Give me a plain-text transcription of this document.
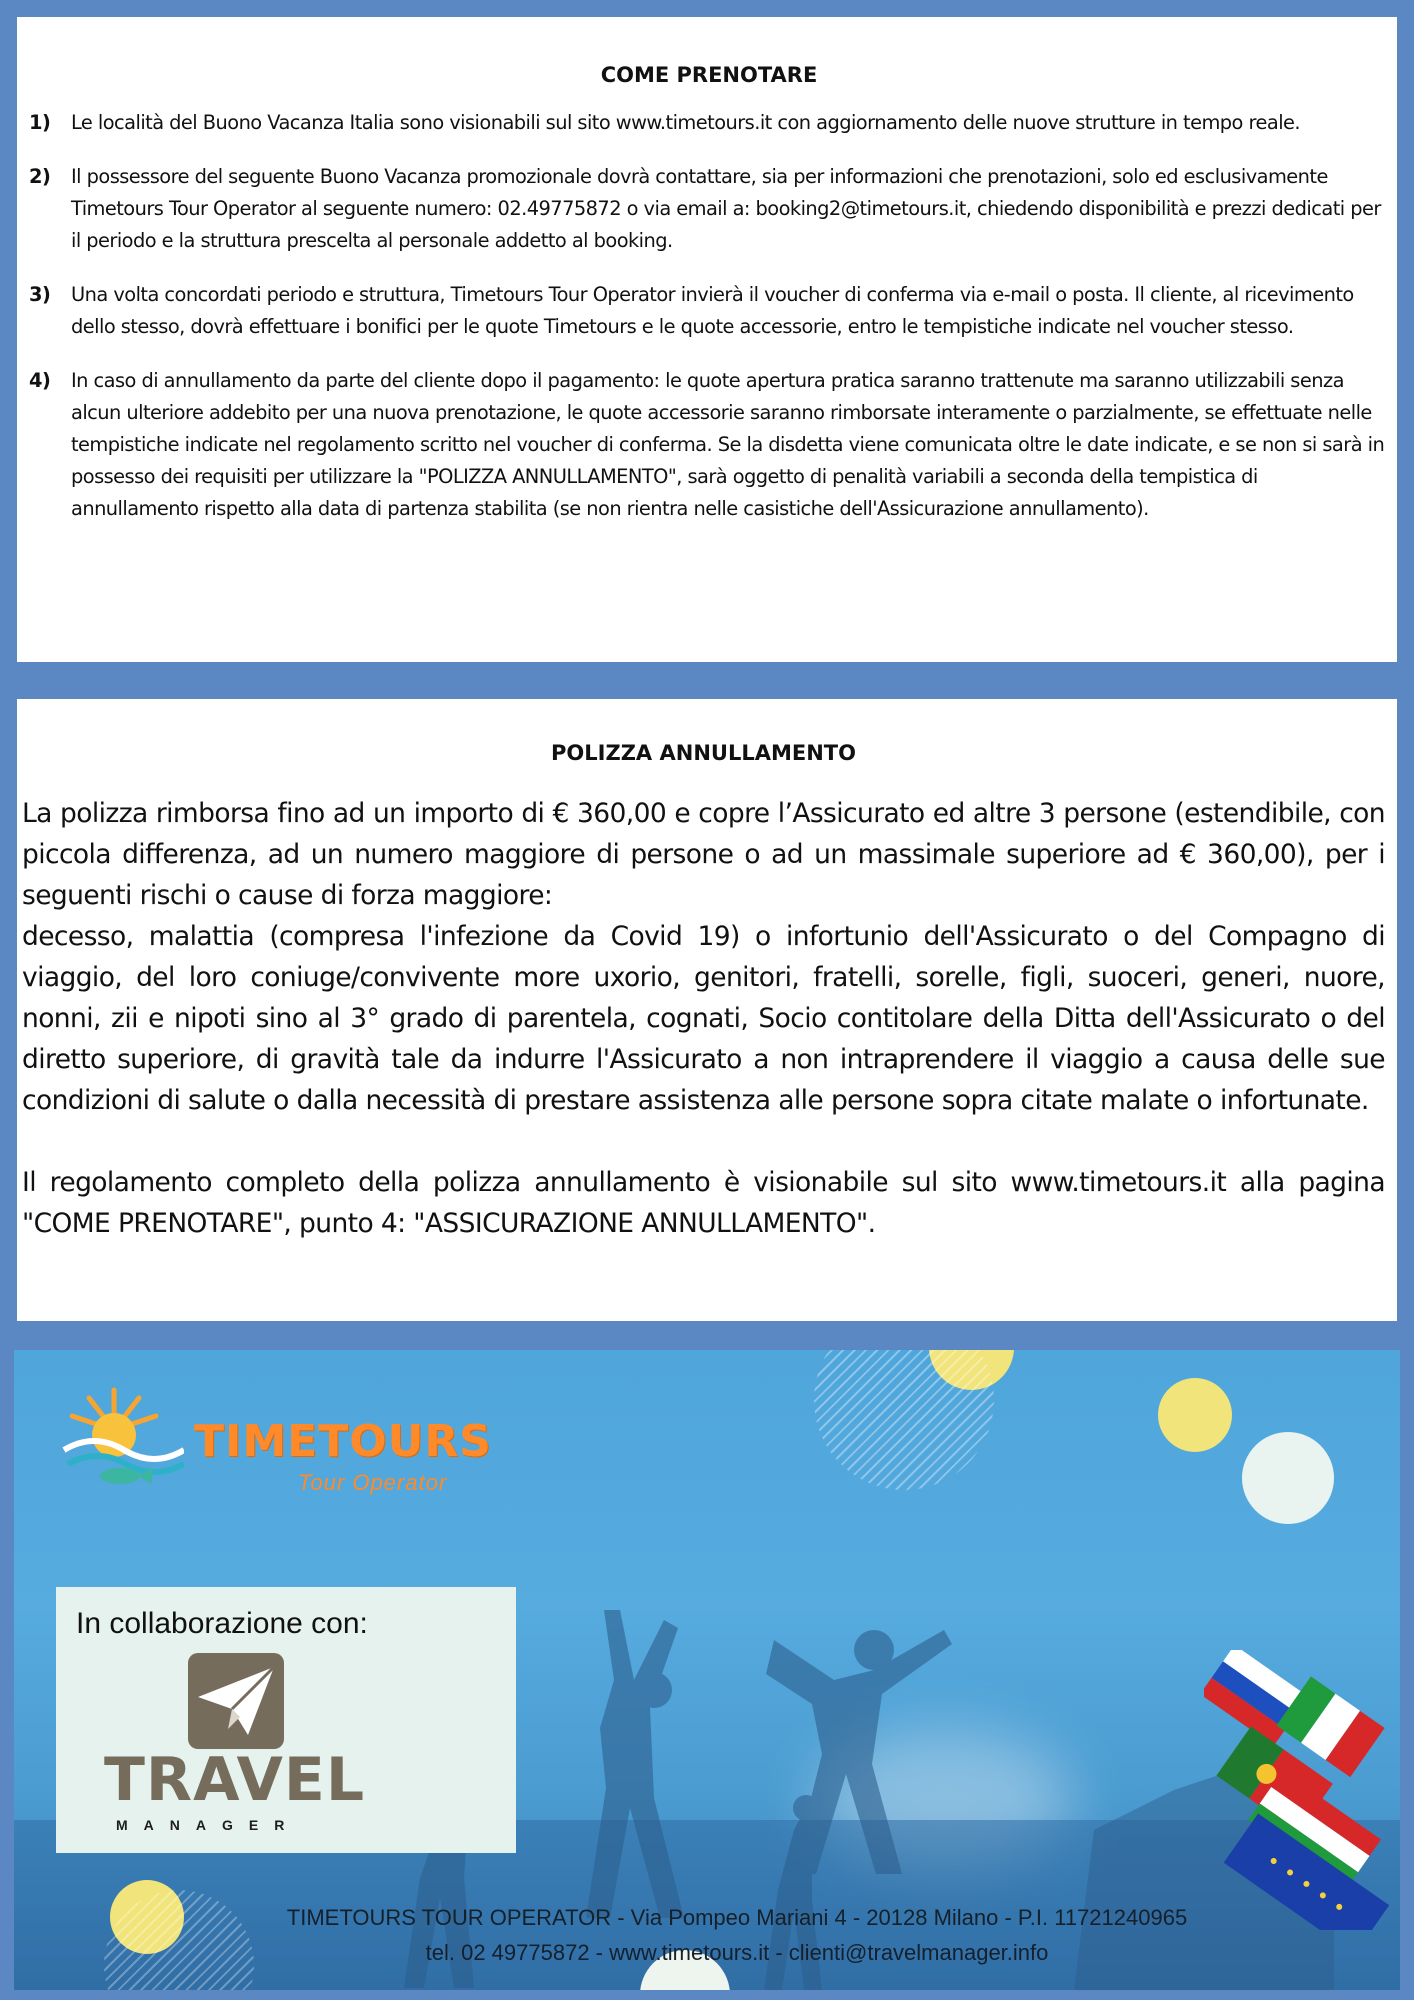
COME PRENOTARE
1)	Le località del Buono Vacanza Italia sono visionabili sul sito www.timetours.it con aggiornamento delle nuove strutture in tempo reale.
2)	Il possessore del seguente Buono Vacanza promozionale dovrà contattare, sia per informazioni che prenotazioni, solo ed esclusivamente Timetours Tour Operator al seguente numero: 02.49775872 o via email a: booking2@timetours.it, chiedendo disponibilità e prezzi dedicati per il periodo e la struttura prescelta al personale addetto al booking.
3)	Una volta concordati periodo e struttura, Timetours Tour Operator invierà il voucher di conferma via e-mail o posta. Il cliente, al ricevimento dello stesso, dovrà effettuare i bonifici per le quote Timetours e le quote accessorie, entro le tempistiche indicate nel voucher stesso.
4)	In caso di annullamento da parte del cliente dopo il pagamento: le quote apertura pratica saranno trattenute ma saranno utilizzabili senza alcun ulteriore addebito per una nuova prenotazione, le quote accessorie saranno rimborsate interamente o parzialmente, se effettuate nelle tempistiche indicate nel regolamento scritto nel voucher di conferma. Se la disdetta viene comunicata oltre le date indicate, e se non si sarà in possesso dei requisiti per utilizzare la "POLIZZA ANNULLAMENTO", sarà oggetto di penalità variabili a seconda della tempistica di annullamento rispetto alla data di partenza stabilita (se non rientra nelle casistiche dell'Assicurazione annullamento).
POLIZZA ANNULLAMENTO
La polizza rimborsa fino ad un importo di € 360,00 e copre l’Assicurato ed altre 3 persone (estendibile, con piccola differenza, ad un numero maggiore di persone o ad un massimale superiore ad € 360,00), per i seguenti rischi o cause di forza maggiore:
decesso, malattia (compresa l'infezione da Covid 19) o infortunio dell'Assicurato o del Compagno di viaggio, del loro coniuge/convivente more uxorio, genitori, fratelli, sorelle, figli, suoceri, generi, nuore, nonni, zii e nipoti sino al 3° grado di parentela, cognati, Socio contitolare della Ditta dell'Assicurato o del diretto superiore, di gravità tale da indurre l'Assicurato a non intraprendere il viaggio a causa delle sue condizioni di salute o dalla necessità di prestare assistenza alle persone sopra citate malate o infortunate.
Il regolamento completo della polizza annullamento è visionabile sul sito www.timetours.it alla pagina "COME PRENOTARE", punto 4: "ASSICURAZIONE ANNULLAMENTO".
TIMETOURS
Tour Operator
In collaborazione con:
TRAVEL
MANAGER
TIMETOURS TOUR OPERATOR - Via Pompeo Mariani 4 - 20128 Milano - P.I. 11721240965
tel. 02 49775872 - www.timetours.it - clienti@travelmanager.info
